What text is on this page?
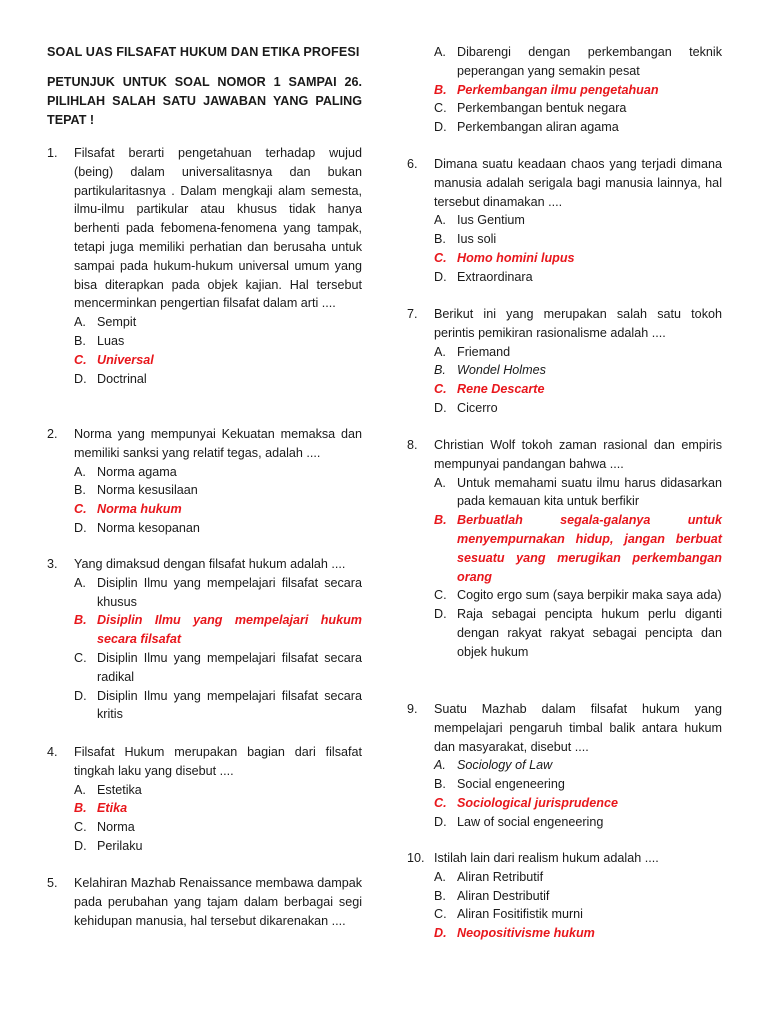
SOAL UAS FILSAFAT HUKUM DAN ETIKA PROFESI
PETUNJUK UNTUK SOAL NOMOR 1 SAMPAI 26. PILIHLAH SALAH SATU JAWABAN YANG PALING TEPAT !
1. Filsafat berarti pengetahuan terhadap wujud (being) dalam universalitasnya dan bukan partikularitasnya . Dalam mengkaji alam semesta, ilmu-ilmu partikular atau khusus tidak hanya berhenti pada febomena-fenomena yang tampak, tetapi juga memiliki perhatian dan berusaha untuk sampai pada hukum-hukum universal umum yang bisa diterapkan pada objek kajian. Hal tersebut mencerminkan pengertian filsafat dalam arti ....
A. Sempit
B. Luas
C. Universal
D. Doctrinal
2. Norma yang mempunyai Kekuatan memaksa dan memiliki sanksi yang relatif tegas, adalah ....
A. Norma agama
B. Norma kesusilaan
C. Norma hukum
D. Norma kesopanan
3. Yang dimaksud dengan filsafat hukum adalah ....
A. Disiplin Ilmu yang mempelajari filsafat secara khusus
B. Disiplin Ilmu yang mempelajari hukum secara filsafat
C. Disiplin Ilmu yang mempelajari filsafat secara radikal
D. Disiplin Ilmu yang mempelajari filsafat secara kritis
4. Filsafat Hukum merupakan bagian dari filsafat tingkah laku yang disebut ....
A. Estetika
B. Etika
C. Norma
D. Perilaku
5. Kelahiran Mazhab Renaissance membawa dampak pada perubahan yang tajam dalam berbagai segi kehidupan manusia, hal tersebut dikarenakan ....
A. Dibarengi dengan perkembangan teknik peperangan yang semakin pesat
B. Perkembangan ilmu pengetahuan
C. Perkembangan bentuk negara
D. Perkembangan aliran agama
6. Dimana suatu keadaan chaos yang terjadi dimana manusia adalah serigala bagi manusia lainnya, hal tersebut dinamakan ....
A. Ius Gentium
B. Ius soli
C. Homo homini lupus
D. Extraordinara
7. Berikut ini yang merupakan salah satu tokoh perintis pemikiran rasionalisme adalah ....
A. Friemand
B. Wondel Holmes
C. Rene Descarte
D. Cicerro
8. Christian Wolf tokoh zaman rasional dan empiris mempunyai pandangan bahwa ....
A. Untuk memahami suatu ilmu harus didasarkan pada kemauan kita untuk berfikir
B. Berbuatlah segala-galanya untuk menyempurnakan hidup, jangan berbuat sesuatu yang merugikan perkembangan orang
C. Cogito ergo sum (saya berpikir maka saya ada)
D. Raja sebagai pencipta hukum perlu diganti dengan rakyat rakyat sebagai pencipta dan objek hukum
9. Suatu Mazhab dalam filsafat hukum yang mempelajari pengaruh timbal balik antara hukum dan masyarakat, disebut ....
A. Sociology of Law
B. Social engeneering
C. Sociological jurisprudence
D. Law of social engeneering
10. Istilah lain dari realism hukum adalah ....
A. Aliran Retributif
B. Aliran Destributif
C. Aliran Fositifistik murni
D. Neopositivisme hukum
